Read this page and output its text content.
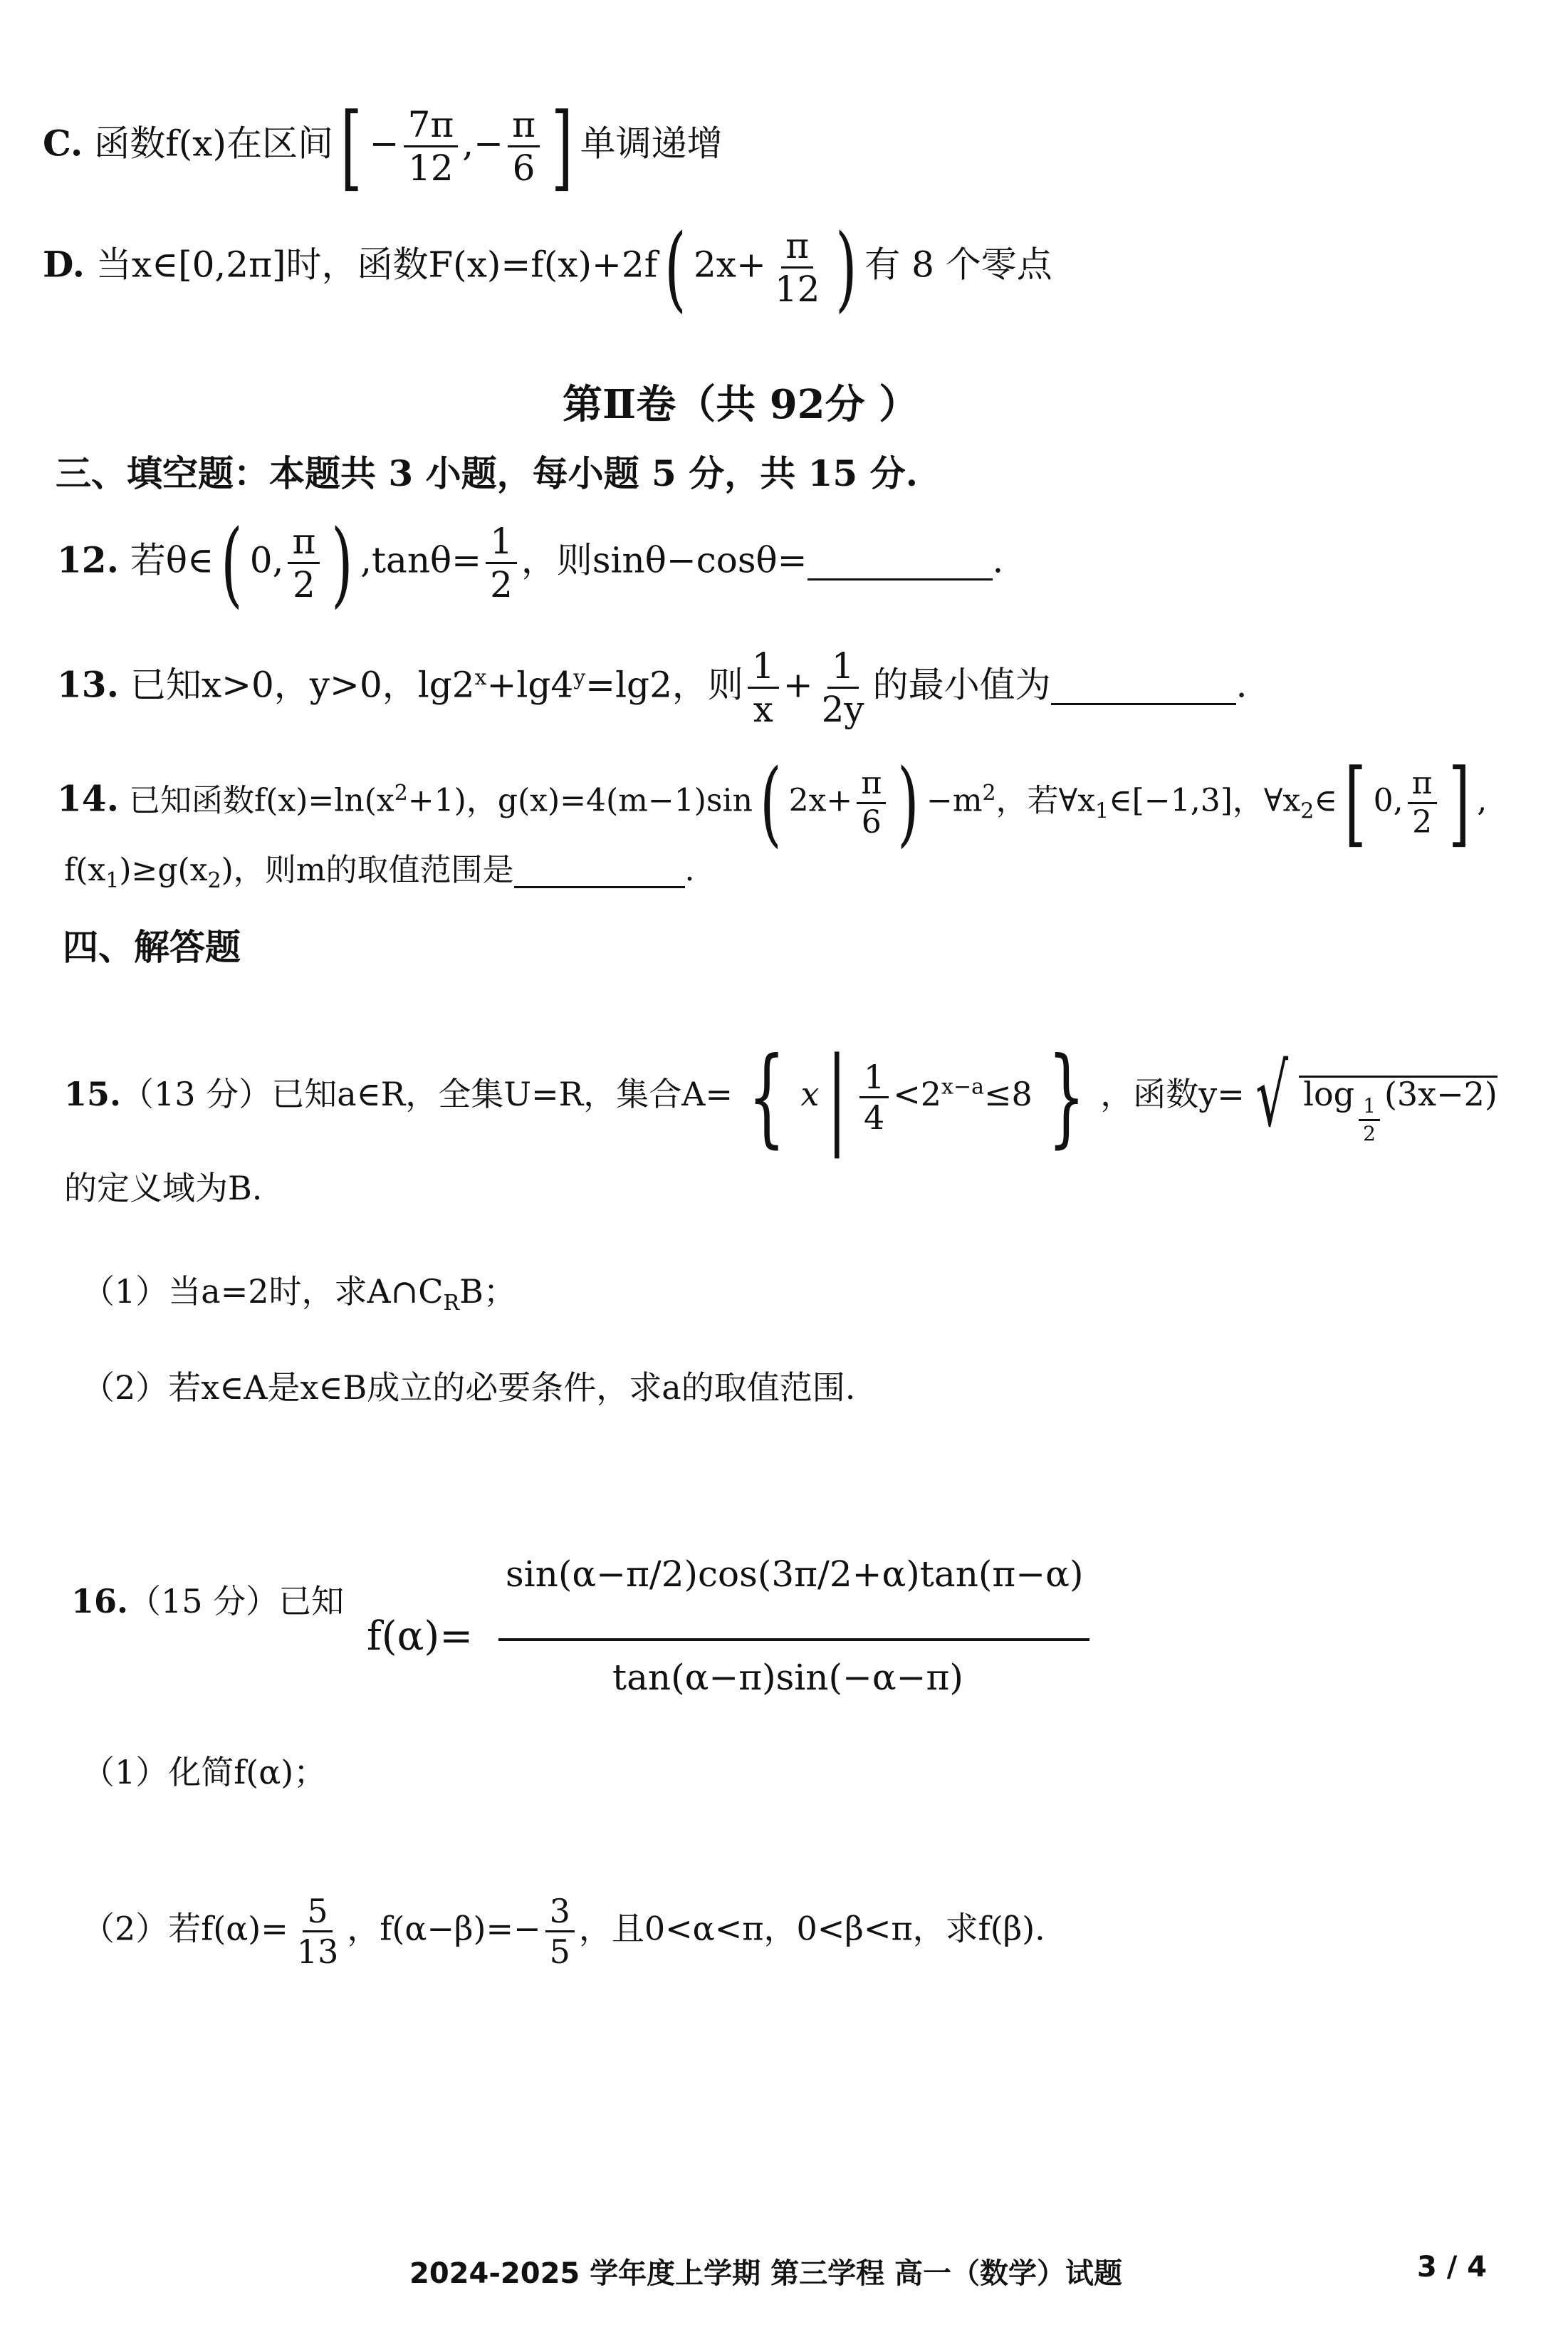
C. 函数f(x)在区间[ − $\frac{7\pi}{12}$ ,− $\frac{\pi}{6}$ ] 单调递增
D. 当x∈[0,2π]时，函数F(x)=f(x)+2f( $2x+ \frac{\pi}{12}$ ) 有 8 个零点
第Ⅱ卷（共 92分 ）
三、填空题：本题共 3 小题，每小题 5 分，共 15 分.
12. 若θ∈( 0, $\frac{\pi}{2}$ ) $,\tan\theta= \frac{1}{2}$ ，则sinθ−cosθ=	.
13. 已知x>0，y>0，$\lg 2^x+\lg 4^y=\lg 2$，则 $\frac{1}{x} + \frac{1}{2y}$ 的最小值为	.
14. 已知函数$f(x)=\ln(x^2+1)$，g(x)=4(m−1)sin( $2x+ \frac{\pi}{6}$ ) $-m^2$，若$\forall x_1\in[-1,3]$，$\forall x_2\in$[ 0, $\frac{\pi}{2}$ ] ,
$f(x_1)\ge g(x_2)$，则m的取值范围是	.
四、解答题
15.（13 分）已知a∈R，全集U=R，集合A= { $x| \frac{1}{4} <2^{x-a}\le 8$ } ，函数y= √ log
$\frac{1}{2}$
(3x−2)
的定义域为B.
（1）当a=2时，求$A\cap C_RB$；
（2）若x∈A是x∈B成立的必要条件，求a的取值范围.
16.（15 分）已知
f(α)=
sin(α−π/2)cos(3π/2+α)tan(π−α)
tan(α−π)sin(−α−π)
（1）化简f(α)；
（2）若$f(\alpha)= \frac{5}{13}$ ，$f(\alpha-\beta)=- \frac{3}{5}$ ，且0<α<π，0<β<π，求f(β).
2024-2025 学年度上学期 第三学程 高一（数学）试题	3 / 4
